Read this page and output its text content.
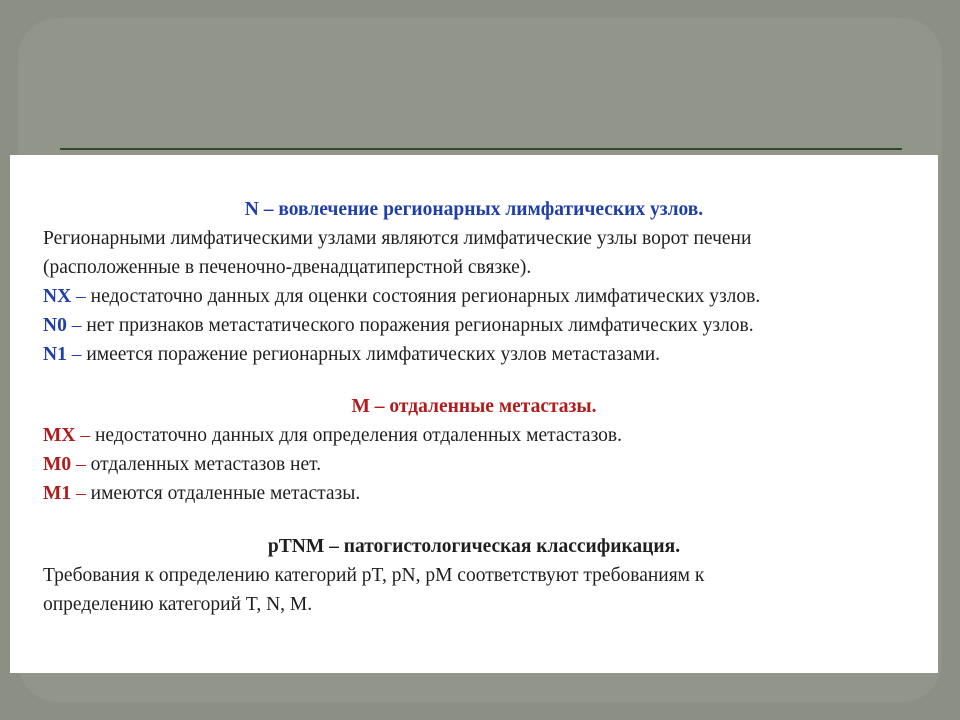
N – вовлечение регионарных лимфатических узлов.
Регионарными лимфатическими узлами являются лимфатические узлы ворот печени
(расположенные в печеночно-двенадцатиперстной связке).
NX – недостаточно данных для оценки состояния регионарных лимфатических узлов.
N0 – нет признаков метастатического поражения регионарных лимфатических узлов.
N1 – имеется поражение регионарных лимфатических узлов метастазами.
М – отдаленные метастазы.
МX – недостаточно данных для определения отдаленных метастазов.
М0 – отдаленных метастазов нет.
М1 – имеются отдаленные метастазы.
pTNM – патогистологическая классификация.
Требования к определению категорий pT, pN, pM соответствуют требованиям к
определению категорий T, N, M.
